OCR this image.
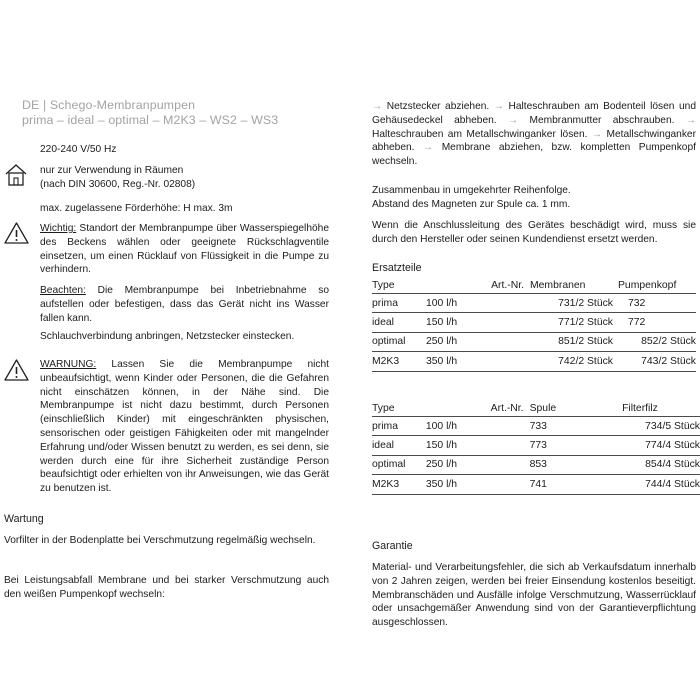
DE | Schego-Membranpumpen
prima – ideal – optimal – M2K3 – WS2 – WS3
220-240 V/50 Hz
nur zur Verwendung in Räumen
(nach DIN 30600, Reg.-Nr. 02808)
max. zugelassene Förderhöhe: H max. 3m
Wichtig: Standort der Membranpumpe über Wasserspiegelhöhe des Beckens wählen oder geeignete Rückschlagventile einsetzen, um einen Rücklauf von Flüssigkeit in die Pumpe zu verhindern.
Beachten: Die Membranpumpe bei Inbetriebnahme so aufstellen oder befestigen, dass das Gerät nicht ins Wasser fallen kann.
Schlauchverbindung anbringen, Netzstecker einstecken.
WARNUNG: Lassen Sie die Membranpumpe nicht unbeaufsichtigt, wenn Kinder oder Personen, die die Gefahren nicht einschätzen können, in der Nähe sind. Die Membranpumpe ist nicht dazu bestimmt, durch Personen (einschließlich Kinder) mit eingeschränkten physischen, sensorischen oder geistigen Fähigkeiten oder mit mangelnder Erfahrung und/oder Wissen benutzt zu werden, es sei denn, sie werden durch eine für ihre Sicherheit zuständige Person beaufsichtigt oder erhielten von ihr Anweisungen, wie das Gerät zu benutzen ist.
Wartung
Vorfilter in der Bodenplatte bei Verschmutzung regelmäßig wechseln.
Bei Leistungsabfall Membrane und bei starker Verschmutzung auch den weißen Pumpenkopf wechseln:
→ Netzstecker abziehen. → Halteschrauben am Bodenteil lösen und Gehäusedeckel abheben. → Membranmutter abschrauben. → Halteschrauben am Metallschwinganker lösen. → Metallschwinganker abheben. → Membrane abziehen, bzw. kompletten Pumpenkopf wechseln.
Zusammenbau in umgekehrter Reihenfolge.
Abstand des Magneten zur Spule ca. 1 mm.
Wenn die Anschlussleitung des Gerätes beschädigt wird, muss sie durch den Hersteller oder seinen Kundendienst ersetzt werden.
Ersatzteile
Type		Art.-Nr.	Membranen	Pumpenkopf
prima	100 l/h		731/2 Stück	732
ideal	150 l/h		771/2 Stück	772
optimal	250 l/h		851/2 Stück	852/2 Stück
M2K3	350 l/h		742/2 Stück	743/2 Stück
Type		Art.-Nr.	Spule	Filterfilz
prima	100 l/h		733	734/5 Stück
ideal	150 l/h		773	774/4 Stück
optimal	250 l/h		853	854/4 Stück
M2K3	350 l/h		741	744/4 Stück
Garantie
Material- und Verarbeitungsfehler, die sich ab Verkaufsdatum innerhalb von 2 Jahren zeigen, werden bei freier Einsendung kostenlos beseitigt. Membranschäden und Ausfälle infolge Verschmutzung, Wasserrücklauf oder unsachgemäßer Anwendung sind von der Garantieverpflichtung ausgeschlossen.
